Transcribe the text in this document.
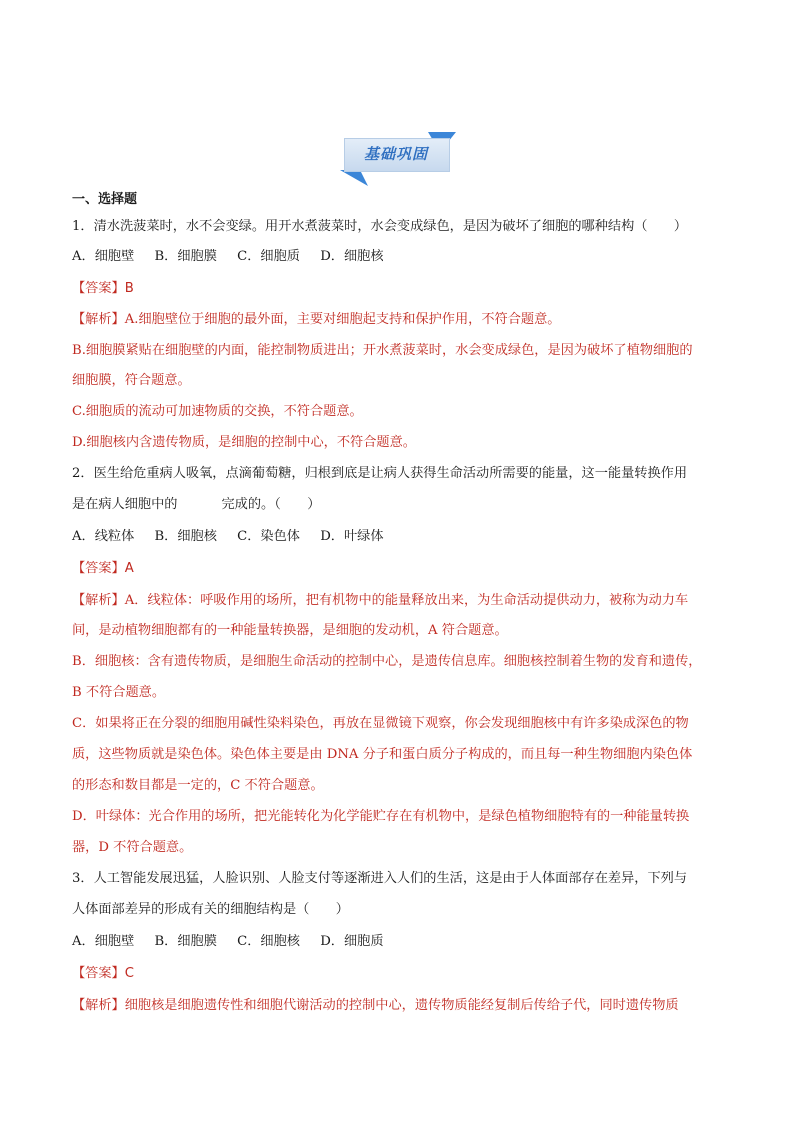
基础巩固
一、选择题
1．清水洗菠菜时，水不会变绿。用开水煮菠菜时，水会变成绿色，是因为破坏了细胞的哪种结构（　　）
A．细胞壁 B．细胞膜 C．细胞质 D．细胞核
【答案】B
【解析】A.细胞壁位于细胞的最外面，主要对细胞起支持和保护作用，不符合题意。
B.细胞膜紧贴在细胞壁的内面，能控制物质进出；开水煮菠菜时，水会变成绿色，是因为破坏了植物细胞的
细胞膜，符合题意。
C.细胞质的流动可加速物质的交换，不符合题意。
D.细胞核内含遗传物质，是细胞的控制中心，不符合题意。
2．医生给危重病人吸氧，点滴葡萄糖，归根到底是让病人获得生命活动所需要的能量，这一能量转换作用
是在病人细胞中的	完成的。（　　）
A．线粒体 B．细胞核 C．染色体 D．叶绿体
【答案】A
【解析】A．线粒体：呼吸作用的场所，把有机物中的能量释放出来，为生命活动提供动力，被称为动力车
间，是动植物细胞都有的一种能量转换器，是细胞的发动机，A 符合题意。
B．细胞核：含有遗传物质，是细胞生命活动的控制中心，是遗传信息库。细胞核控制着生物的发育和遗传，
B 不符合题意。
C．如果将正在分裂的细胞用碱性染料染色，再放在显微镜下观察，你会发现细胞核中有许多染成深色的物
质，这些物质就是染色体。染色体主要是由 DNA 分子和蛋白质分子构成的，而且每一种生物细胞内染色体
的形态和数目都是一定的，C 不符合题意。
D．叶绿体：光合作用的场所，把光能转化为化学能贮存在有机物中，是绿色植物细胞特有的一种能量转换
器，D 不符合题意。
3．人工智能发展迅猛，人脸识别、人脸支付等逐渐进入人们的生活，这是由于人体面部存在差异，下列与
人体面部差异的形成有关的细胞结构是（　　）
A．细胞壁 B．细胞膜 C．细胞核 D．细胞质
【答案】C
【解析】细胞核是细胞遗传性和细胞代谢活动的控制中心，遗传物质能经复制后传给子代，同时遗传物质
